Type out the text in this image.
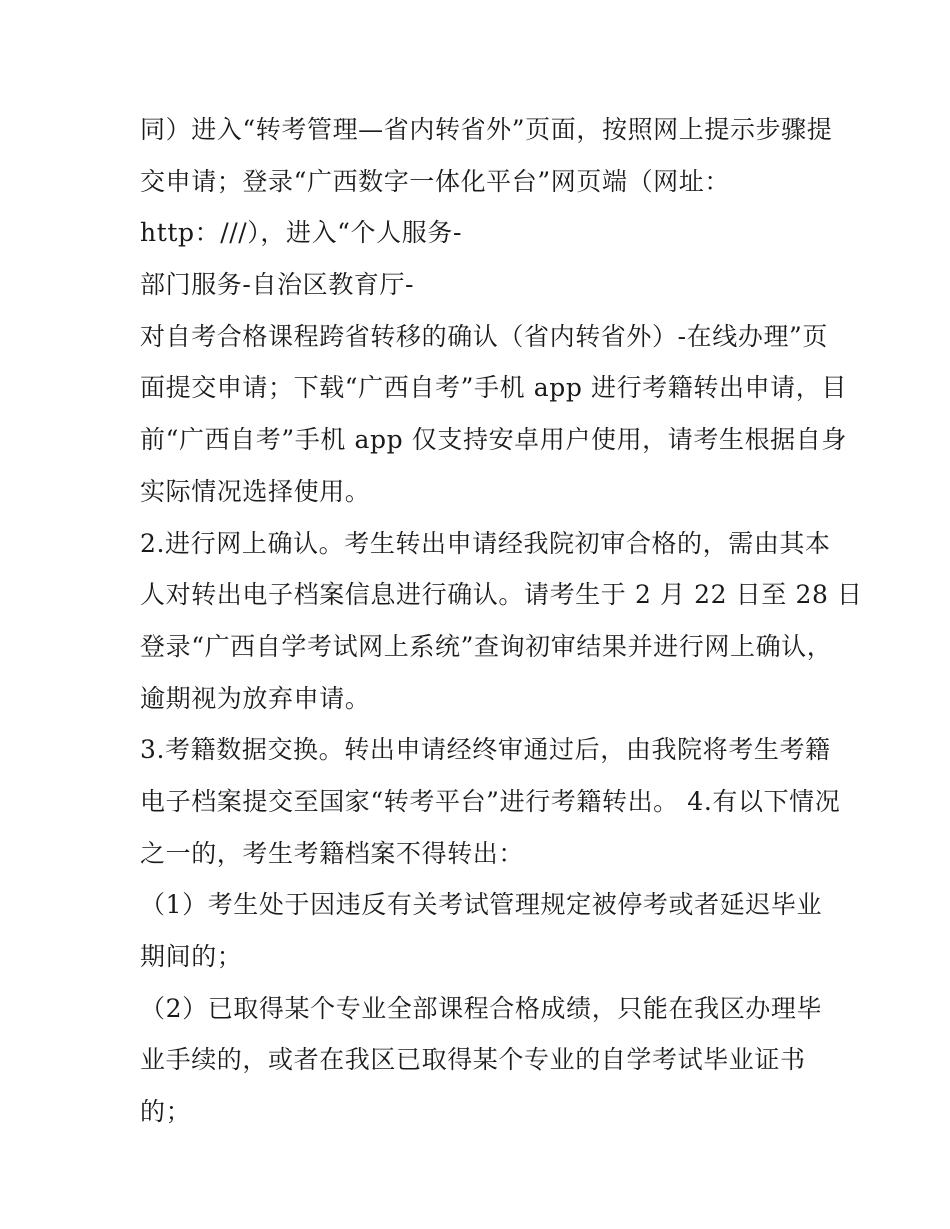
同）进入“转考管理—省内转省外”页面，按照网上提示步骤提
交申请；登录“广西数字一体化平台”网页端（网址：
http：///），进入“个人服务-
部门服务-自治区教育厅-
对自考合格课程跨省转移的确认（省内转省外）-在线办理”页
面提交申请；下载“广西自考”手机 app 进行考籍转出申请，目
前“广西自考”手机 app 仅支持安卓用户使用，请考生根据自身
实际情况选择使用。
2.进行网上确认。考生转出申请经我院初审合格的，需由其本
人对转出电子档案信息进行确认。请考生于 2 月 22 日至 28 日
登录“广西自学考试网上系统”查询初审结果并进行网上确认，
逾期视为放弃申请。
3.考籍数据交换。转出申请经终审通过后，由我院将考生考籍
电子档案提交至国家“转考平台”进行考籍转出。 4.有以下情况
之一的，考生考籍档案不得转出：
（1）考生处于因违反有关考试管理规定被停考或者延迟毕业
期间的；
（2）已取得某个专业全部课程合格成绩，只能在我区办理毕
业手续的，或者在我区已取得某个专业的自学考试毕业证书
的；
